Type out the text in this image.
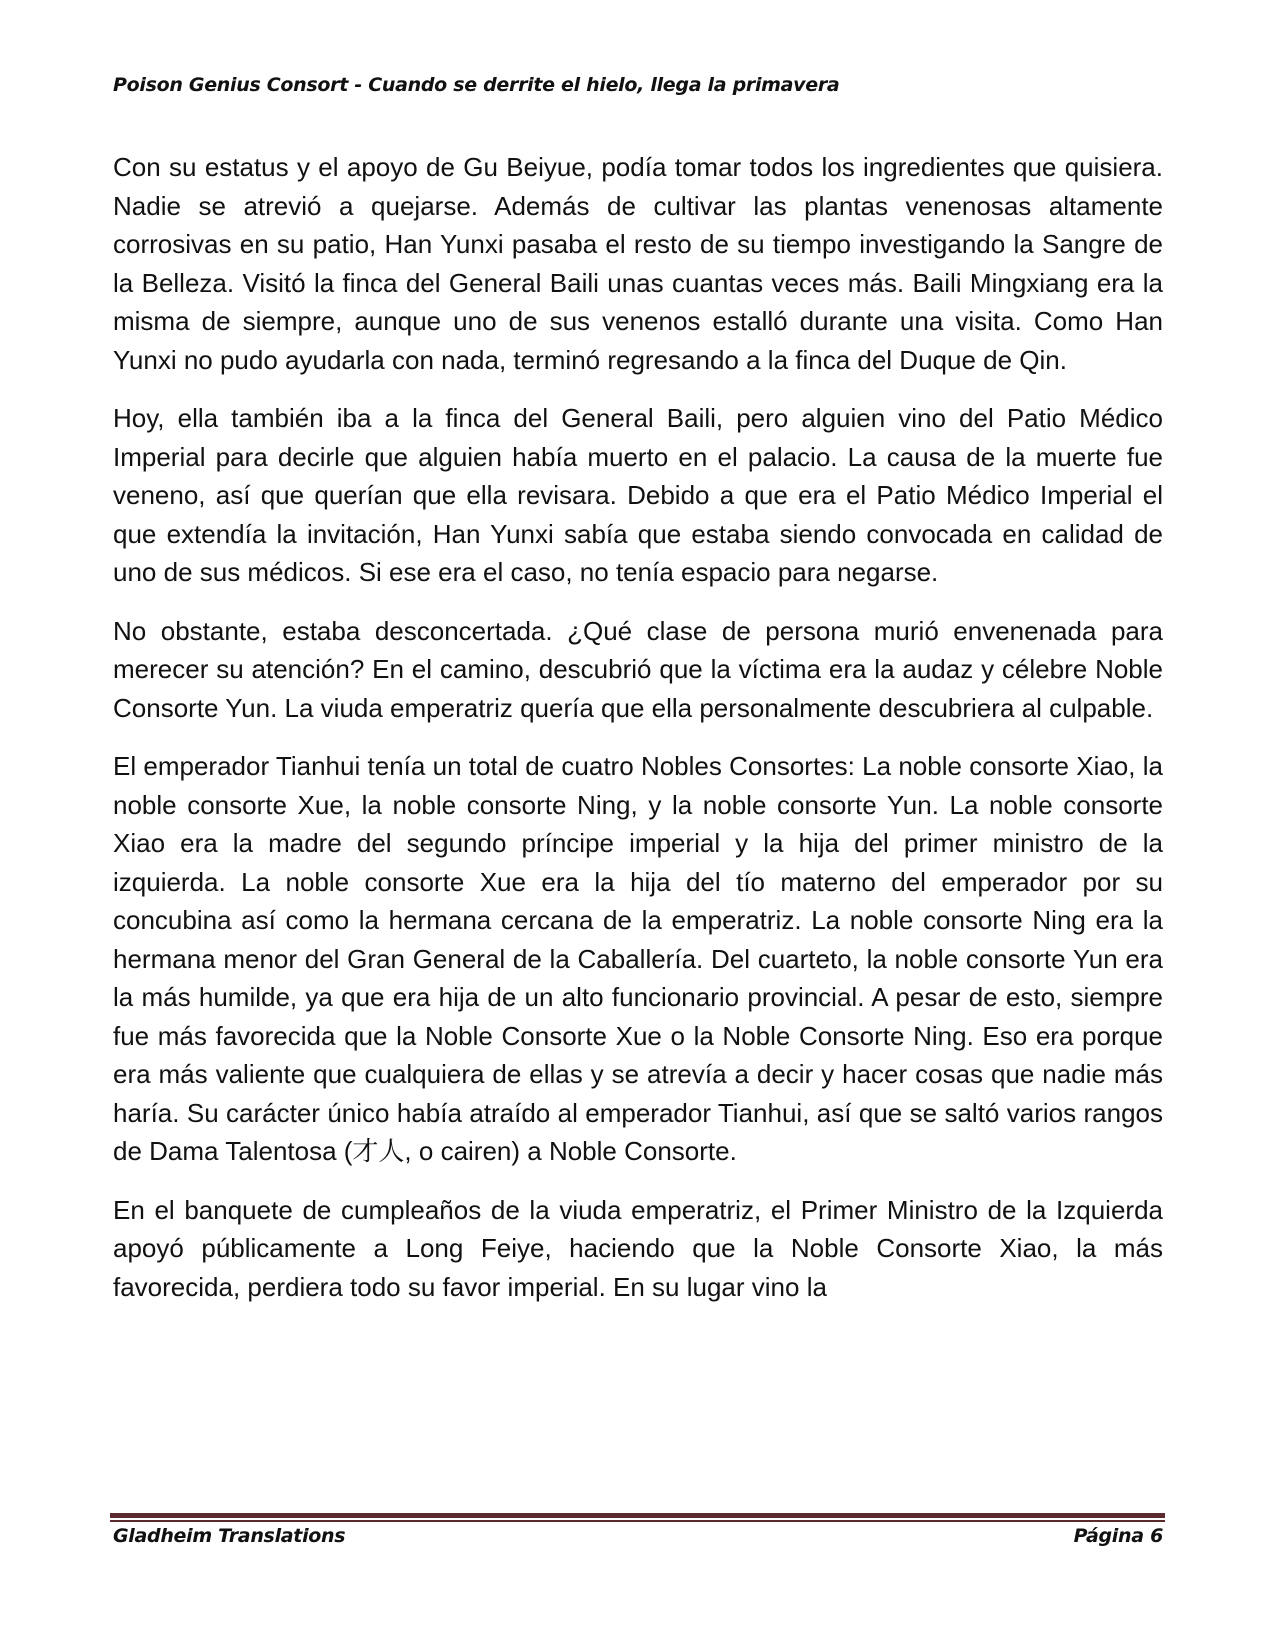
Poison Genius Consort - Cuando se derrite el hielo, llega la primavera

Con su estatus y el apoyo de Gu Beiyue, podía tomar todos los ingredientes que quisiera. Nadie se atrevió a quejarse. Además de cultivar las plantas venenosas altamente corrosivas en su patio, Han Yunxi pasaba el resto de su tiempo investigando la Sangre de la Belleza. Visitó la finca del General Baili unas cuantas veces más. Baili Mingxiang era la misma de siempre, aunque uno de sus venenos estalló durante una visita. Como Han Yunxi no pudo ayudarla con nada, terminó regresando a la finca del Duque de Qin.

Hoy, ella también iba a la finca del General Baili, pero alguien vino del Patio Médico Imperial para decirle que alguien había muerto en el palacio. La causa de la muerte fue veneno, así que querían que ella revisara. Debido a que era el Patio Médico Imperial el que extendía la invitación, Han Yunxi sabía que estaba siendo convocada en calidad de uno de sus médicos. Si ese era el caso, no tenía espacio para negarse.

No obstante, estaba desconcertada. ¿Qué clase de persona murió envenenada para merecer su atención? En el camino, descubrió que la víctima era la audaz y célebre Noble Consorte Yun. La viuda emperatriz quería que ella personalmente descubriera al culpable.

El emperador Tianhui tenía un total de cuatro Nobles Consortes: La noble consorte Xiao, la noble consorte Xue, la noble consorte Ning, y la noble consorte Yun. La noble consorte Xiao era la madre del segundo príncipe imperial y la hija del primer ministro de la izquierda. La noble consorte Xue era la hija del tío materno del emperador por su concubina así como la hermana cercana de la emperatriz. La noble consorte Ning era la hermana menor del Gran General de la Caballería. Del cuarteto, la noble consorte Yun era la más humilde, ya que era hija de un alto funcionario provincial. A pesar de esto, siempre fue más favorecida que la Noble Consorte Xue o la Noble Consorte Ning. Eso era porque era más valiente que cualquiera de ellas y se atrevía a decir y hacer cosas que nadie más haría. Su carácter único había atraído al emperador Tianhui, así que se saltó varios rangos de Dama Talentosa (才人, o cairen) a Noble Consorte.

En el banquete de cumpleaños de la viuda emperatriz, el Primer Ministro de la Izquierda apoyó públicamente a Long Feiye, haciendo que la Noble Consorte Xiao, la más favorecida, perdiera todo su favor imperial. En su lugar vino la

Gladheim Translations	Página 6
